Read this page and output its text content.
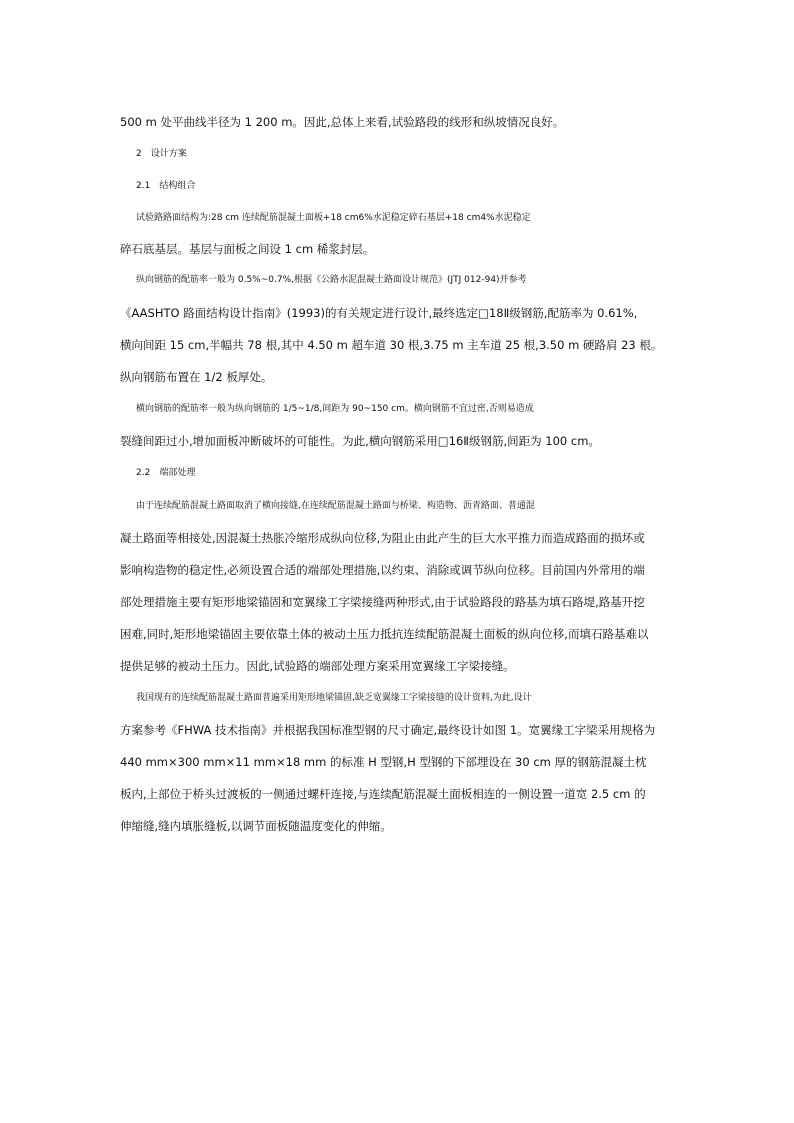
500 m 处平曲线半径为 1 200 m。因此,总体上来看,试验路段的线形和纵坡情况良好。
2　设计方案
2.1　结构组合
试验路路面结构为:28 cm 连续配筋混凝土面板+18 cm6%水泥稳定碎石基层+18 cm4%水泥稳定
碎石底基层。基层与面板之间设 1 cm 稀浆封层。
纵向钢筋的配筋率一般为 0.5%~0.7%,根据《公路水泥混凝土路面设计规范》(JTJ 012-94)并参考
《AASHTO 路面结构设计指南》(1993)的有关规定进行设计,最终选定□18Ⅱ级钢筋,配筋率为 0.61%,
横向间距 15 cm,半幅共 78 根,其中 4.50 m 超车道 30 根,3.75 m 主车道 25 根,3.50 m 硬路肩 23 根。
纵向钢筋布置在 1/2 板厚处。
横向钢筋的配筋率一般为纵向钢筋的 1/5~1/8,间距为 90~150 cm。横向钢筋不宜过密,否则易造成
裂缝间距过小,增加面板冲断破坏的可能性。为此,横向钢筋采用□16Ⅱ级钢筋,间距为 100 cm。
2.2　端部处理
由于连续配筋混凝土路面取消了横向接缝,在连续配筋混凝土路面与桥梁、构造物、沥青路面、普通混
凝土路面等相接处,因混凝土热胀冷缩形成纵向位移,为阻止由此产生的巨大水平推力而造成路面的损坏或
影响构造物的稳定性,必须设置合适的端部处理措施,以约束、消除或调节纵向位移。目前国内外常用的端
部处理措施主要有矩形地梁锚固和宽翼缘工字梁接缝两种形式,由于试验路段的路基为填石路堤,路基开挖
困难,同时,矩形地梁锚固主要依靠土体的被动土压力抵抗连续配筋混凝土面板的纵向位移,而填石路基难以
提供足够的被动土压力。因此,试验路的端部处理方案采用宽翼缘工字梁接缝。
我国现有的连续配筋混凝土路面普遍采用矩形地梁锚固,缺乏宽翼缘工字梁接缝的设计资料,为此,设计
方案参考《FHWA 技术指南》并根据我国标准型钢的尺寸确定,最终设计如图 1。宽翼缘工字梁采用规格为
440 mm×300 mm×11 mm×18 mm 的标准 H 型钢,H 型钢的下部埋设在 30 cm 厚的钢筋混凝土枕
板内,上部位于桥头过渡板的一侧通过螺杆连接,与连续配筋混凝土面板相连的一侧设置一道宽 2.5 cm 的
伸缩缝,缝内填胀缝板,以调节面板随温度变化的伸缩。
